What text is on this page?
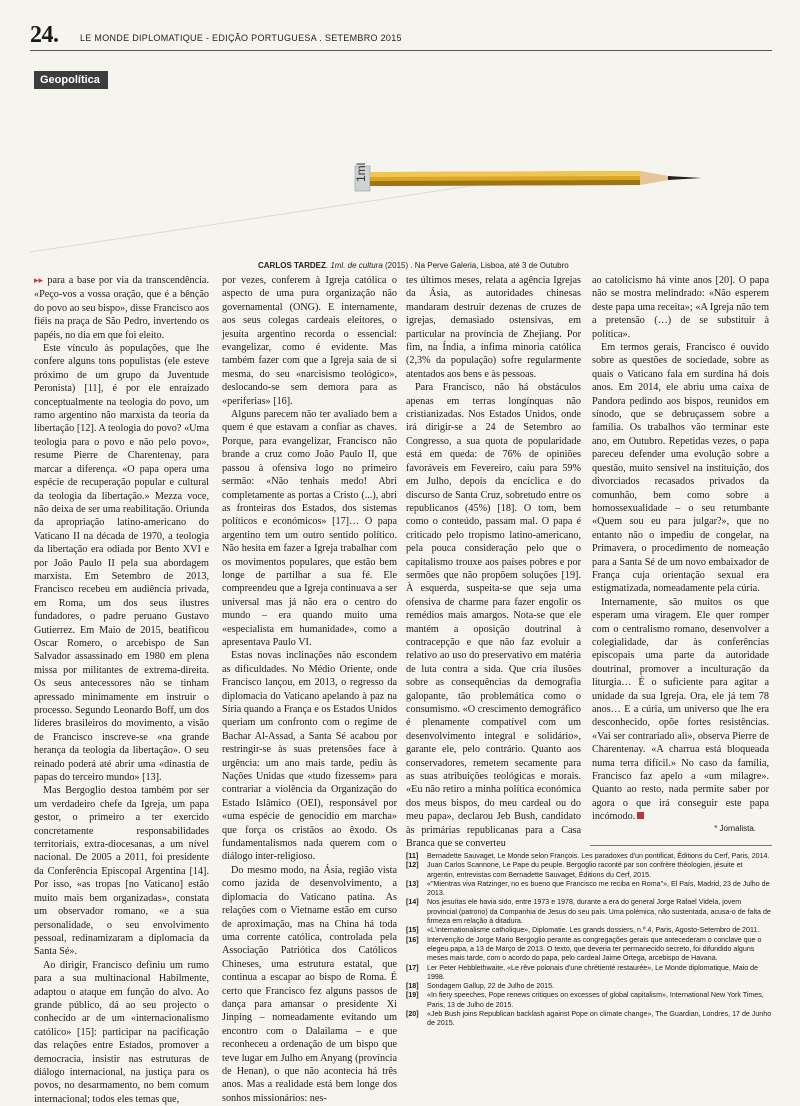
24. LE MONDE DIPLOMATIQUE - EDIÇÃO PORTUGUESA . SETEMBRO 2015
Geopolítica
1ml
CARLOS TARDEZ. 1ml. de cultura (2015) . Na Perve Galeria, Lisboa, até 3 de Outubro

▸▸ para a base por via da transcendência. «Peço-vos a vossa oração, que é a bênção do povo ao seu bispo», disse Francisco aos fiéis na praça de São Pedro, invertendo os papéis, no dia em que foi eleito.

Este vínculo às populações, que lhe confere alguns tons populistas (ele esteve próximo de um grupo da Juventude Peronista) [11], é por ele enraizado conceptualmente na teologia do povo, um ramo argentino não marxista da teoria da libertação [12]. A teologia do povo? «Uma teologia para o povo e não pelo povo», resume Pierre de Charentenay, para marcar a diferença. «O papa opera uma espécie de recuperação popular e cultural da teologia da libertação.» Mezza voce, não deixa de ser uma reabilitação. Oriunda da apropriação latino-americano do Vaticano II na década de 1970, a teologia da libertação era odiada por Bento XVI e por João Paulo II pela sua abordagem marxista. Em Setembro de 2013, Francisco recebeu em audiência privada, em Roma, um dos seus ilustres fundadores, o padre peruano Gustavo Gutierrez. Em Maio de 2015, beatificou Oscar Romero, o arcebispo de San Salvador assassinado em 1980 em plena missa por militantes de extrema-direita. Os seus antecessores não se tinham apressado minimamente em instruir o processo. Segundo Leonardo Boff, um dos líderes brasileiros do movimento, a visão de Francisco inscreve-se «na grande herança da teologia da libertação». O seu reinado poderá até abrir uma «dinastia de papas do terceiro mundo» [13].

Mas Bergoglio destoa também por ser um verdadeiro chefe da Igreja, um papa gestor, o primeiro a ter exercido concretamente responsabilidades territoriais, extra-diocesanas, a um nível nacional. De 2005 a 2011, foi presidente da Conferência Episcopal Argentina [14]. Por isso, «as tropas [no Vaticano] estão muito mais bem organizadas», constata um observador romano, «e a sua personalidade, o seu envolvimento pessoal, redinamizaram a diplomacia da Santa Sé».

Ao dirigir, Francisco definiu um rumo para a sua multinacional Habilmente, adaptou o ataque em função do alvo. Ao grande público, dá ao seu projecto o conhecido ar de um «internacionalismo católico» [15]: participar na pacificação das relações entre Estados, promover a democracia, insistir nas estruturas de diálogo internacional, na justiça para os povos, no desarmamento, no bem comum internacional; todos eles temas que,

por vezes, conferem à Igreja católica o aspecto de uma pura organização não governamental (ONG). E internamente, aos seus colegas cardeais eleitores, o jesuíta argentino recorda o essencial: evangelizar, como é evidente. Mas também fazer com que a Igreja saia de si mesma, do seu «narcisismo teológico», deslocando-se sem demora para as «periferias» [16].

Alguns parecem não ter avaliado bem a quem é que estavam a confiar as chaves. Porque, para evangelizar, Francisco não brande a cruz como João Paulo II, que passou à ofensiva logo no primeiro sermão: «Não tenhais medo! Abri completamente as portas a Cristo (...), abri as fronteiras dos Estados, dos sistemas políticos e económicos» [17]… O papa argentino tem um outro sentido político. Não hesita em fazer a Igreja trabalhar com os movimentos populares, que estão bem longe de partilhar a sua fé. Ele compreendeu que a Igreja continuava a ser universal mas já não era o centro do mundo – era quando muito uma «especialista em humanidade», como a apresentava Paulo VI.

Estas novas inclinações não escondem as dificuldades. No Médio Oriente, onde Francisco lançou, em 2013, o regresso da diplomacia do Vaticano apelando à paz na Síria quando a França e os Estados Unidos queriam um confronto com o regime de Bachar Al-Assad, a Santa Sé acabou por restringir-se às suas pretensões face à urgência: um ano mais tarde, pediu às Nações Unidas que «tudo fizessem» para contrariar a violência da Organização do Estado Islâmico (OEI), responsável por «uma espécie de genocídio em marcha» que força os cristãos ao êxodo. Os fundamentalismos nada querem com o diálogo inter-religioso.

Do mesmo modo, na Ásia, região vista como jazida de desenvolvimento, a diplomacia do Vaticano patina. As relações com o Vietname estão em curso de aproximação, mas na China há toda uma corrente católica, controlada pela Associação Patriótica dos Católicos Chineses, uma estrutura estatal, que continua a escapar ao bispo de Roma. É certo que Francisco fez alguns passos de dança para amansar o presidente Xi Jinping – nomeadamente evitando um encontro com o Dalailama – e que reconheceu a ordenação de um bispo que teve lugar em Julho em Anyang (província de Henan), o que não acontecia há três anos. Mas a realidade está bem longe dos sonhos missionários: nes-

tes últimos meses, relata a agência Igrejas da Ásia, as autoridades chinesas mandaram destruir dezenas de cruzes de igrejas, demasiado ostensivas, em particular na província de Zhejiang. Por fim, na Índia, a ínfima minoria católica (2,3% da população) sofre regularmente atentados aos bens e às pessoas.

Para Francisco, não há obstáculos apenas em terras longínquas não cristianizadas. Nos Estados Unidos, onde irá dirigir-se a 24 de Setembro ao Congresso, a sua quota de popularidade está em queda: de 76% de opiniões favoráveis em Fevereiro, caiu para 59% em Julho, depois da encíclica e do discurso de Santa Cruz, sobretudo entre os republicanos (45%) [18]. O tom, bem como o conteúdo, passam mal. O papa é criticado pelo tropismo latino-americano, pela pouca consideração pelo que o capitalismo trouxe aos países pobres e por sermões que não propõem soluções [19]. À esquerda, suspeita-se que seja uma ofensiva de charme para fazer engolir os remédios mais amargos. Nota-se que ele mantém a oposição doutrinal à contracepção e que não faz evoluir a relativo ao uso do preservativo em matéria de luta contra a sida. Que cria ilusões sobre as consequências da demografia galopante, tão problemática como o consumismo. «O crescimento demográfico é plenamente compatível com um desenvolvimento integral e solidário», garante ele, pelo contrário. Quanto aos conservadores, remetem secamente para as suas atribuições teológicas e morais. «Eu não retiro a minha política económica dos meus bispos, do meu cardeal ou do meu papa», declarou Jeb Bush, candidato às primárias republicanas para a Casa Branca que se converteu

ao catolicismo há vinte anos [20]. O papa não se mostra melindrado: «Não esperem deste papa uma receita»; «A Igreja não tem a pretensão (…) de se substituir à política».

Em termos gerais, Francisco é ouvido sobre as questões de sociedade, sobre as quais o Vaticano fala em surdina há dois anos. Em 2014, ele abriu uma caixa de Pandora pedindo aos bispos, reunidos em sínodo, que se debruçassem sobre a família. Os trabalhos vão terminar este ano, em Outubro. Repetidas vezes, o papa pareceu defender uma evolução sobre a questão, muito sensível na instituição, dos divorciados recasados privados da comunhão, bem como sobre a homossexualidade – o seu retumbante «Quem sou eu para julgar?», que no entanto não o impediu de congelar, na Primavera, o procedimento de nomeação para a Santa Sé de um novo embaixador de França cuja orientação sexual era estigmatizada, nomeadamente pela cúria.

Internamente, são muitos os que esperam uma viragem. Ele quer romper com o centralismo romano, desenvolver a colegialidade, dar às conferências episcopais uma parte da autoridade doutrinal, promover a inculturação da liturgia… É o suficiente para agitar a unidade da sua Igreja. Ora, ele já tem 78 anos… E a cúria, um universo que lhe era desconhecido, opõe fortes resistências. «Vai ser contrariado ali», observa Pierre de Charentenay. «A charrua está bloqueada numa terra difícil.» No caso da família, Francisco faz apelo a «um milagre». Quanto ao resto, nada permite saber por agora o que irá conseguir este papa incómodo.

* Jornalista.
[11] Bernadette Sauvaget, Le Monde selon François. Les paradoxes d'un pontificat, Éditions du Cerf, Paris, 2014.
[12] Juan Carlos Scannone, Le Pape du peuple. Bergoglio raconté par son confrère théologien, jésuite et argentin, entrevistas com Bernadette Sauvaget, Éditions du Cerf, 2015.
[13] «"Mientras viva Ratzinger, no es bueno que Francisco me reciba en Roma"», El País, Madrid, 23 de Julho de 2013.
[14] Nos jesuítas ele havia sido, entre 1973 e 1978, durante a era do general Jorge Rafael Videla, jovem provincial (patrono) da Companhia de Jesus do seu país. Uma polémica, não sustentada, acusa-o de falta de firmeza em relação à ditadura.
[15] «L'internationalisme catholique», Diplomatie. Les grands dossiers, n.º 4, Paris, Agosto-Setembro de 2011.
[16] Intervenção de Jorge Mario Bergoglio perante as congregações gerais que antecederam o conclave que o elegeu papa, a 13 de Março de 2013. O texto, que deveria ter permanecido secreto, foi difundido alguns meses mais tarde, com o acordo do papa, pelo cardeal Jaime Ortega, arcebispo de Havana.
[17] Ler Peter Hebblethwaite, «Le rêve polonais d'une chrétienté restaurée», Le Monde diplomatique, Maio de 1998.
[18] Sondagem Gallup, 22 de Julho de 2015.
[19] «In fiery speeches, Pope renews critiques on excesses of global capitalism», International New York Times, Paris, 13 de Julho de 2015.
[20] «Jeb Bush joins Republican backlash against Pope on climate change», The Guardian, Londres, 17 de Junho de 2015.
